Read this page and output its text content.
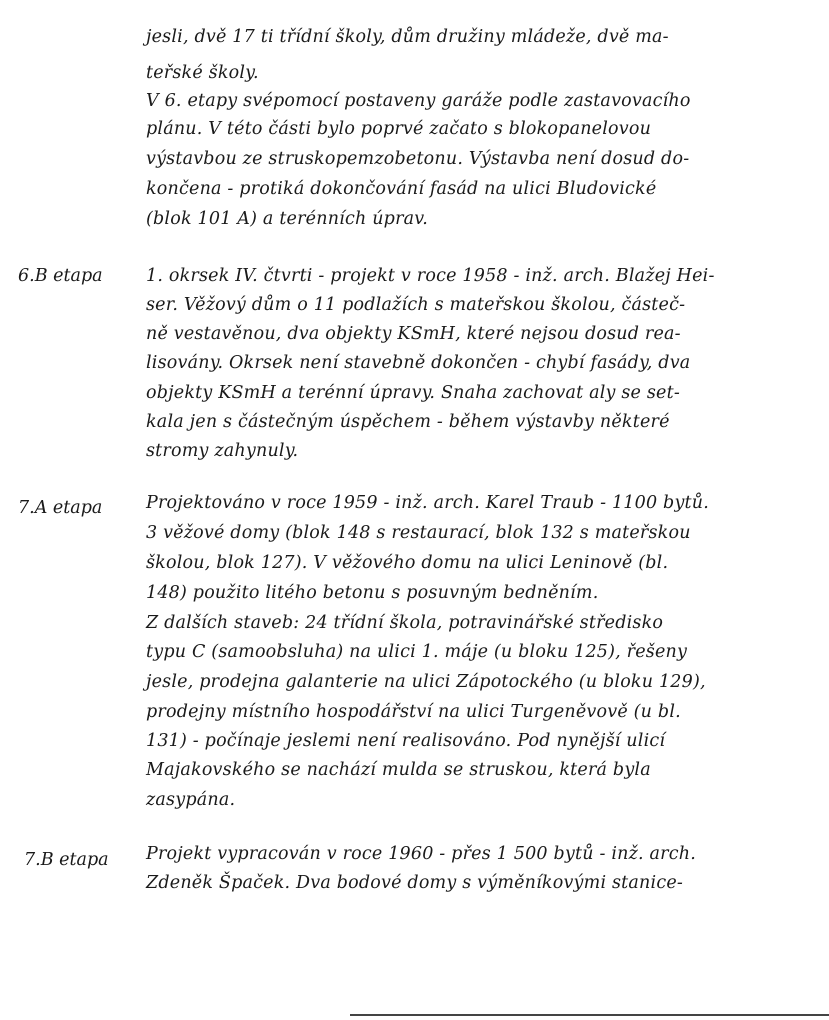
jesli, dvě 17 ti třídní školy, dům družiny mládeže, dvě ma-
teřské školy.
V 6. etapy svépomocí postaveny garáže podle zastavovacího
plánu. V této části bylo poprvé začato s blokopanelovou
výstavbou ze struskopemzobetonu. Výstavba není dosud do-
končena - protiká dokončování fasád na ulici Bludovické
(blok 101 A) a terénních úprav.
6.B etapa 1. okrsek IV. čtvrti - projekt v roce 1958 - inž. arch. Blažej Hei-
ser. Věžový dům o 11 podlažích s mateřskou školou, částeč-
ně vestavěnou, dva objekty KSmH, které nejsou dosud rea-
lisovány. Okrsek není stavebně dokončen - chybí fasády, dva
objekty KSmH a terénní úpravy. Snaha zachovat aly se set-
kala jen s částečným úspěchem - během výstavby některé
stromy zahynuly.
7.A etapa Projektováno v roce 1959 - inž. arch. Karel Traub - 1100 bytů.
3 věžové domy (blok 148 s restaurací, blok 132 s mateřskou
školou, blok 127). V věžového domu na ulici Leninově (bl.
148) použito litého betonu s posuvným bedněním.
Z dalších staveb: 24 třídní škola, potravinářské středisko
typu C (samoobsluha) na ulici 1. máje (u bloku 125), řešeny
jesle, prodejna galanterie na ulici Zápotockého (u bloku 129),
prodejny místního hospodářství na ulici Turgeněvově (u bl.
131) - počínaje jeslemi není realisováno. Pod nynější ulicí
Majakovského se nachází mulda se struskou, která byla
zasypána.
7.B etapa Projekt vypracován v roce 1960 - přes 1 500 bytů - inž. arch.
Zdeněk Špaček. Dva bodové domy s výměníkovými stanice-
